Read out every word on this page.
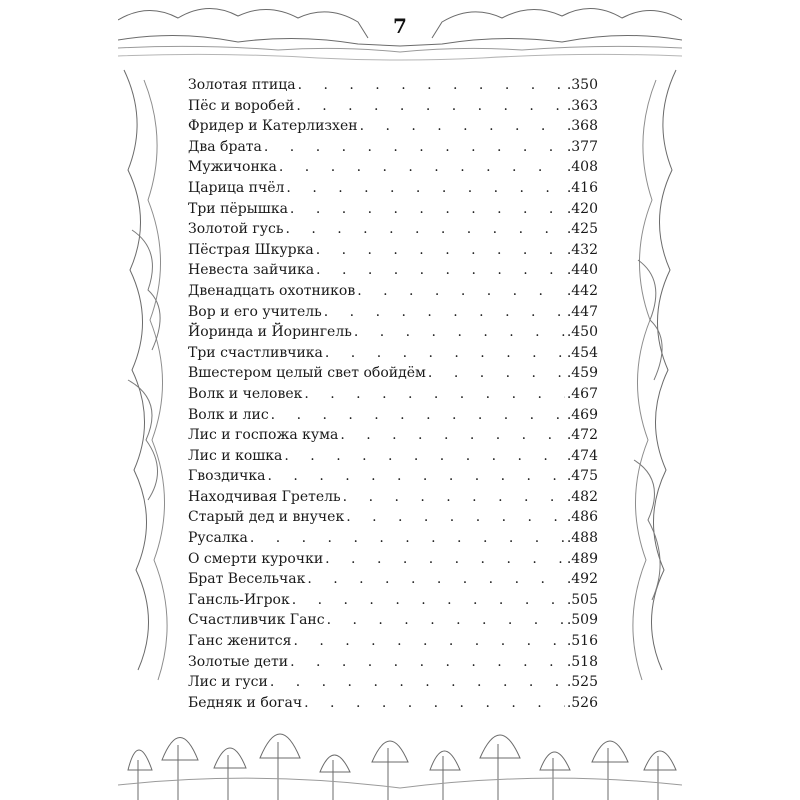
7
Золотая птица . . .	.350
Пёс и воробей . . .	.363
Фридер и Катерлизхен . . .	.368
Два брата . . .	.377
Мужичонка . . .	.408
Царица пчёл . . .	.416
Три пёрышка . . .	.420
Золотой гусь . . .	.425
Пёстрая Шкурка . . .	.432
Невеста зайчика . . .	.440
Двенадцать охотников . . .	.442
Вор и его учитель . . .	.447
Йоринда и Йорингель . . .	.450
Три счастливчика . . .	.454
Вшестером целый свет обойдём . . .	.459
Волк и человек . . .	.467
Волк и лис . . .	.469
Лис и госпожа кума . . .	.472
Лис и кошка . . .	.474
Гвоздичка . . .	.475
Находчивая Гретель . . .	.482
Старый дед и внучек . . .	.486
Русалка . . .	.488
О смерти курочки . . .	.489
Брат Весельчак . . .	.492
Гансль-Игрок . . .	.505
Счастливчик Ганс . . .	.509
Ганс женится . . .	.516
Золотые дети . . .	.518
Лис и гуси . . .	.525
Бедняк и богач . . .	.526
